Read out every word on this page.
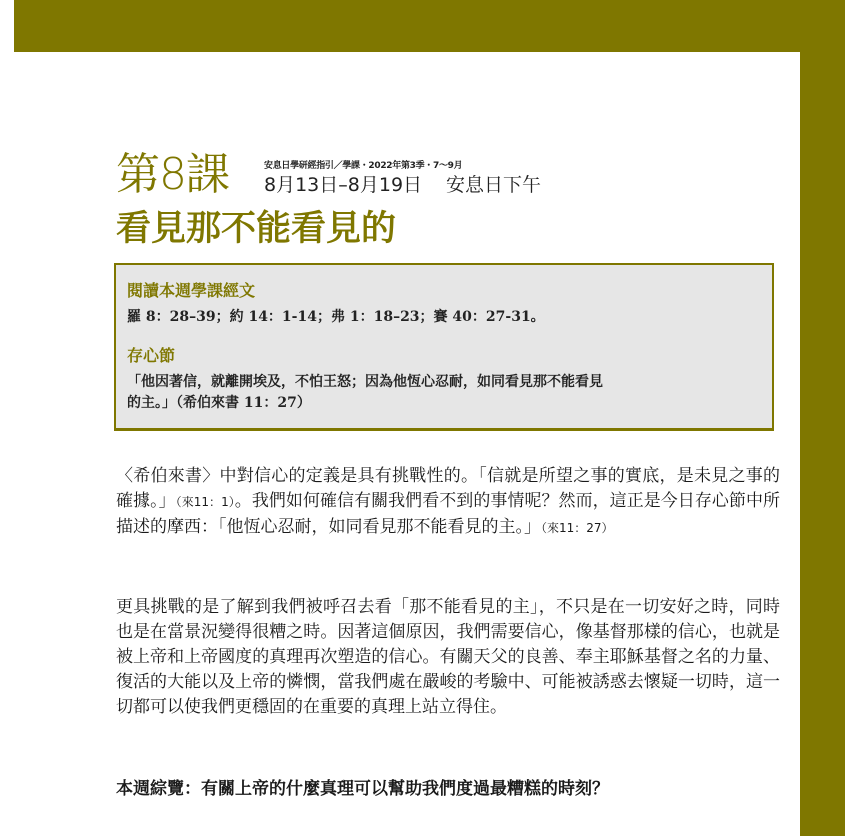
第8課	安息日學研經指引／學課・2022年第3季・7～9月
8月13日–8月19日 安息日下午
看見那不能看見的
閱讀本週學課經文
羅 8：28–39；約 14：1-14；弗 1：18–23；賽 40：27-31。
存心節
「他因著信，就離開埃及，不怕王怒；因為他恆心忍耐，如同看見那不能看見
的主。」（希伯來書 11：27）
〈希伯來書〉中對信心的定義是具有挑戰性的。「信就是所望之事的實底，是未見之事的確據。」（來11：1）。我們如何確信有關我們看不到的事情呢？然而，這正是今日存心節中所描述的摩西：「他恆心忍耐，如同看見那不能看見的主。」（來11：27）
更具挑戰的是了解到我們被呼召去看「那不能看見的主」，不只是在一切安好之時，同時也是在當景況變得很糟之時。因著這個原因，我們需要信心，像基督那樣的信心，也就是被上帝和上帝國度的真理再次塑造的信心。有關天父的良善、奉主耶穌基督之名的力量、復活的大能以及上帝的憐憫，當我們處在嚴峻的考驗中、可能被誘惑去懷疑一切時，這一切都可以使我們更穩固的在重要的真理上站立得住。
本週綜覽：有關上帝的什麼真理可以幫助我們度過最糟糕的時刻？
